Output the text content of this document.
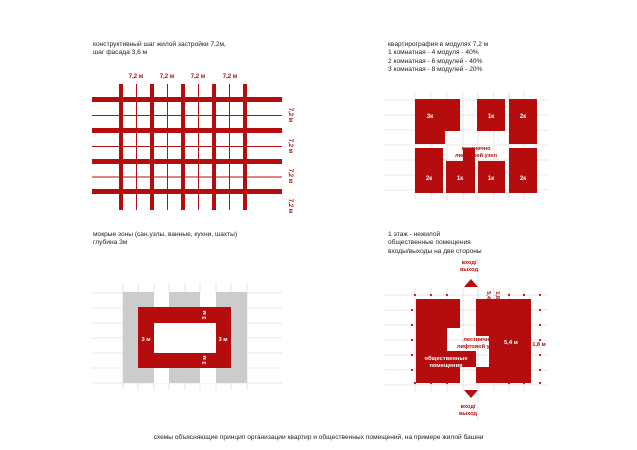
конструктивный шаг жилой застройки 7,2м,
шаг фасада 3,6 м
7,2 м	7,2 м	7,2 м	7,2 м
7,2 м
7,2 м
7,2 м
7,2 м
квартирография в модулях 7,2 м
1 комнатная - 4 модуля - 40%
2 комнатная - 6 модулей - 40%
3 комнатная - 8 модулей - 20%
3к	1к	2к
2к	1к	1к	2к
лестнично
лифтовой узел
мокрые зоны (сан.узлы, ванные, кухни, шахты)
глубина 3м
3 м	3 м
3 м
3 м
1 этаж - нежилой
общественные помещения
входы/выходы на две стороны
вход/
выход
вход/
выход
лестнично
лифтовой узел
общественные
помещения
5,4 м
5,4 м 1,8 м
1,8 м
схемы объясняющие принцип организации квартир и общественных помещений, на примере жилой башни
